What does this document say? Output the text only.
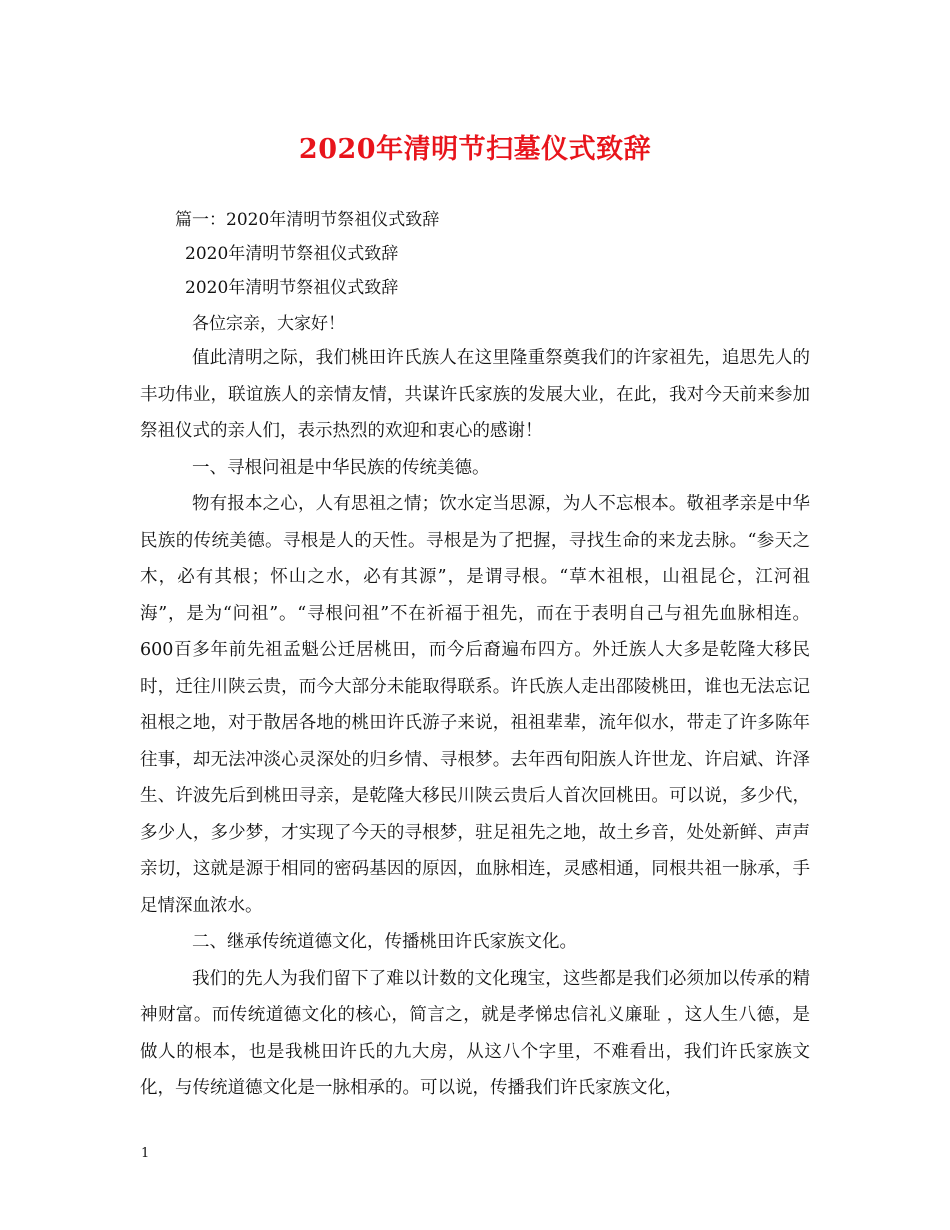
2020年清明节扫墓仪式致辞
篇一：2020年清明节祭祖仪式致辞
2020年清明节祭祖仪式致辞
2020年清明节祭祖仪式致辞
各位宗亲，大家好！

值此清明之际，我们桃田许氏族人在这里隆重祭奠我们的许家祖先，追思先人的丰功伟业，联谊族人的亲情友情，共谋许氏家族的发展大业，在此，我对今天前来参加祭祖仪式的亲人们，表示热烈的欢迎和衷心的感谢！

一、寻根问祖是中华民族的传统美德。

物有报本之心，人有思祖之情；饮水定当思源，为人不忘根本。敬祖孝亲是中华民族的传统美德。寻根是人的天性。寻根是为了把握，寻找生命的来龙去脉。“参天之木，必有其根；怀山之水，必有其源”，是谓寻根。“草木祖根，山祖昆仑，江河祖海”，是为“问祖”。“寻根问祖”不在祈福于祖先，而在于表明自己与祖先血脉相连。600百多年前先祖孟魁公迁居桃田，而今后裔遍布四方。外迁族人大多是乾隆大移民时，迁往川陕云贵，而今大部分未能取得联系。许氏族人走出邵陵桃田，谁也无法忘记祖根之地，对于散居各地的桃田许氏游子来说，祖祖辈辈，流年似水，带走了许多陈年往事，却无法冲淡心灵深处的归乡情、寻根梦。去年西旬阳族人许世龙、许启斌、许泽生、许波先后到桃田寻亲，是乾隆大移民川陕云贵后人首次回桃田。可以说，多少代，多少人，多少梦，才实现了今天的寻根梦，驻足祖先之地，故土乡音，处处新鲜、声声亲切，这就是源于相同的密码基因的原因，血脉相连，灵感相通，同根共祖一脉承，手足情深血浓水。

二、继承传统道德文化，传播桃田许氏家族文化。

我们的先人为我们留下了难以计数的文化瑰宝，这些都是我们必须加以传承的精神财富。而传统道德文化的核心，简言之，就是孝悌忠信礼义廉耻 ，这人生八德，是做人的根本，也是我桃田许氏的九大房，从这八个字里，不难看出，我们许氏家族文化，与传统道德文化是一脉相承的。可以说，传播我们许氏家族文化，

1
